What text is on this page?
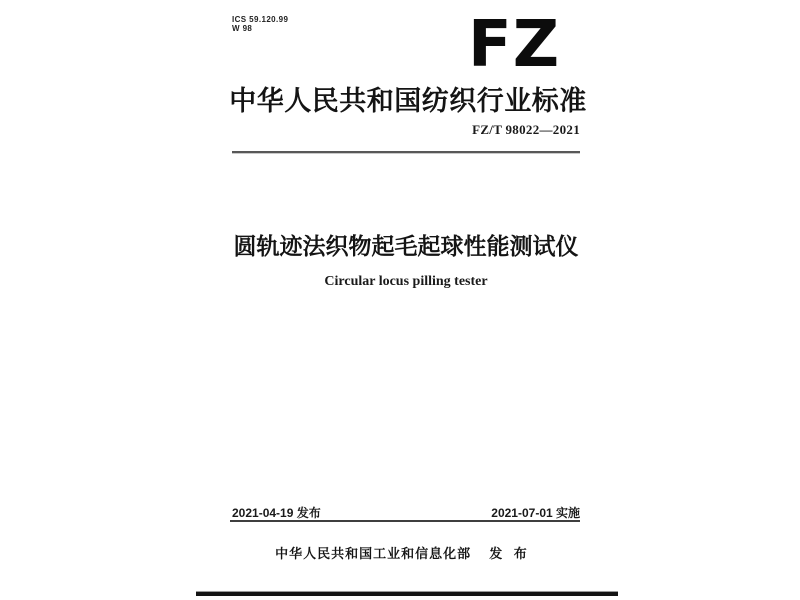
ICS 59.120.99
W 98	FZ
中华人民共和国纺织行业标准
FZ/T 98022—2021
圆轨迹法织物起毛起球性能测试仪
Circular locus pilling tester
2021-04-19 发布	2021-07-01 实施
中华人民共和国工业和信息化部 发 布
